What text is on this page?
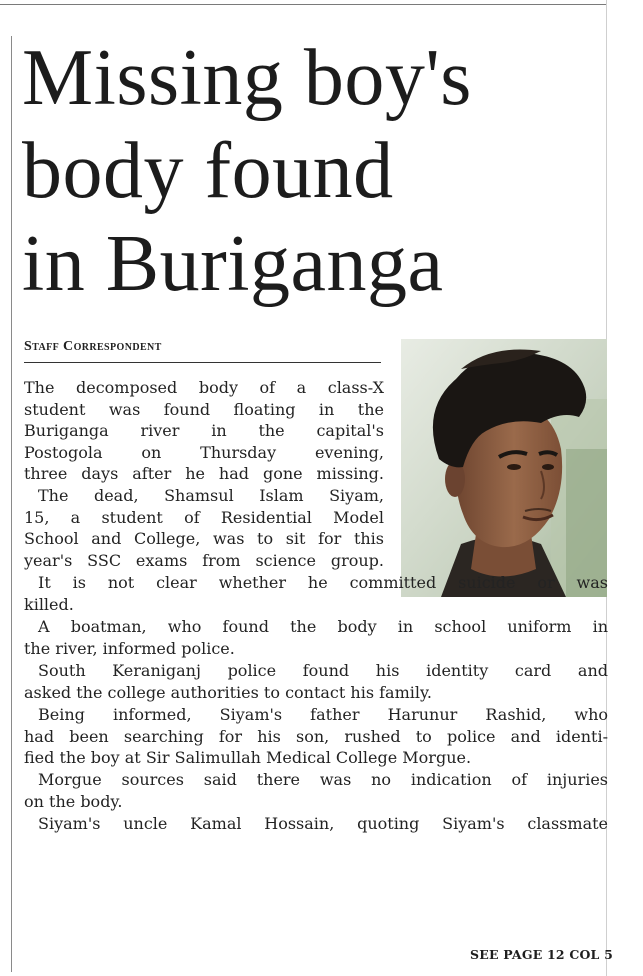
Missing boy's
body found
in Buriganga
Staff Correspondent

The decomposed body of a class-X
student was found floating in the
Buriganga river in the capital's
Postogola on Thursday evening,
three days after he had gone missing.

The dead, Shamsul Islam Siyam,
15, a student of Residential Model
School and College, was to sit for this
year's SSC exams from science group.

It is not clear whether he committed suicide or was
killed.

A boatman, who found the body in school uniform in
the river, informed police.

South Keraniganj police found his identity card and
asked the college authorities to contact his family.

Being informed, Siyam's father Harunur Rashid, who
had been searching for his son, rushed to police and identi-
fied the boy at Sir Salimullah Medical College Morgue.

Morgue sources said there was no indication of injuries
on the body.

Siyam's uncle Kamal Hossain, quoting Siyam's classmate

SEE PAGE 12 COL 5
